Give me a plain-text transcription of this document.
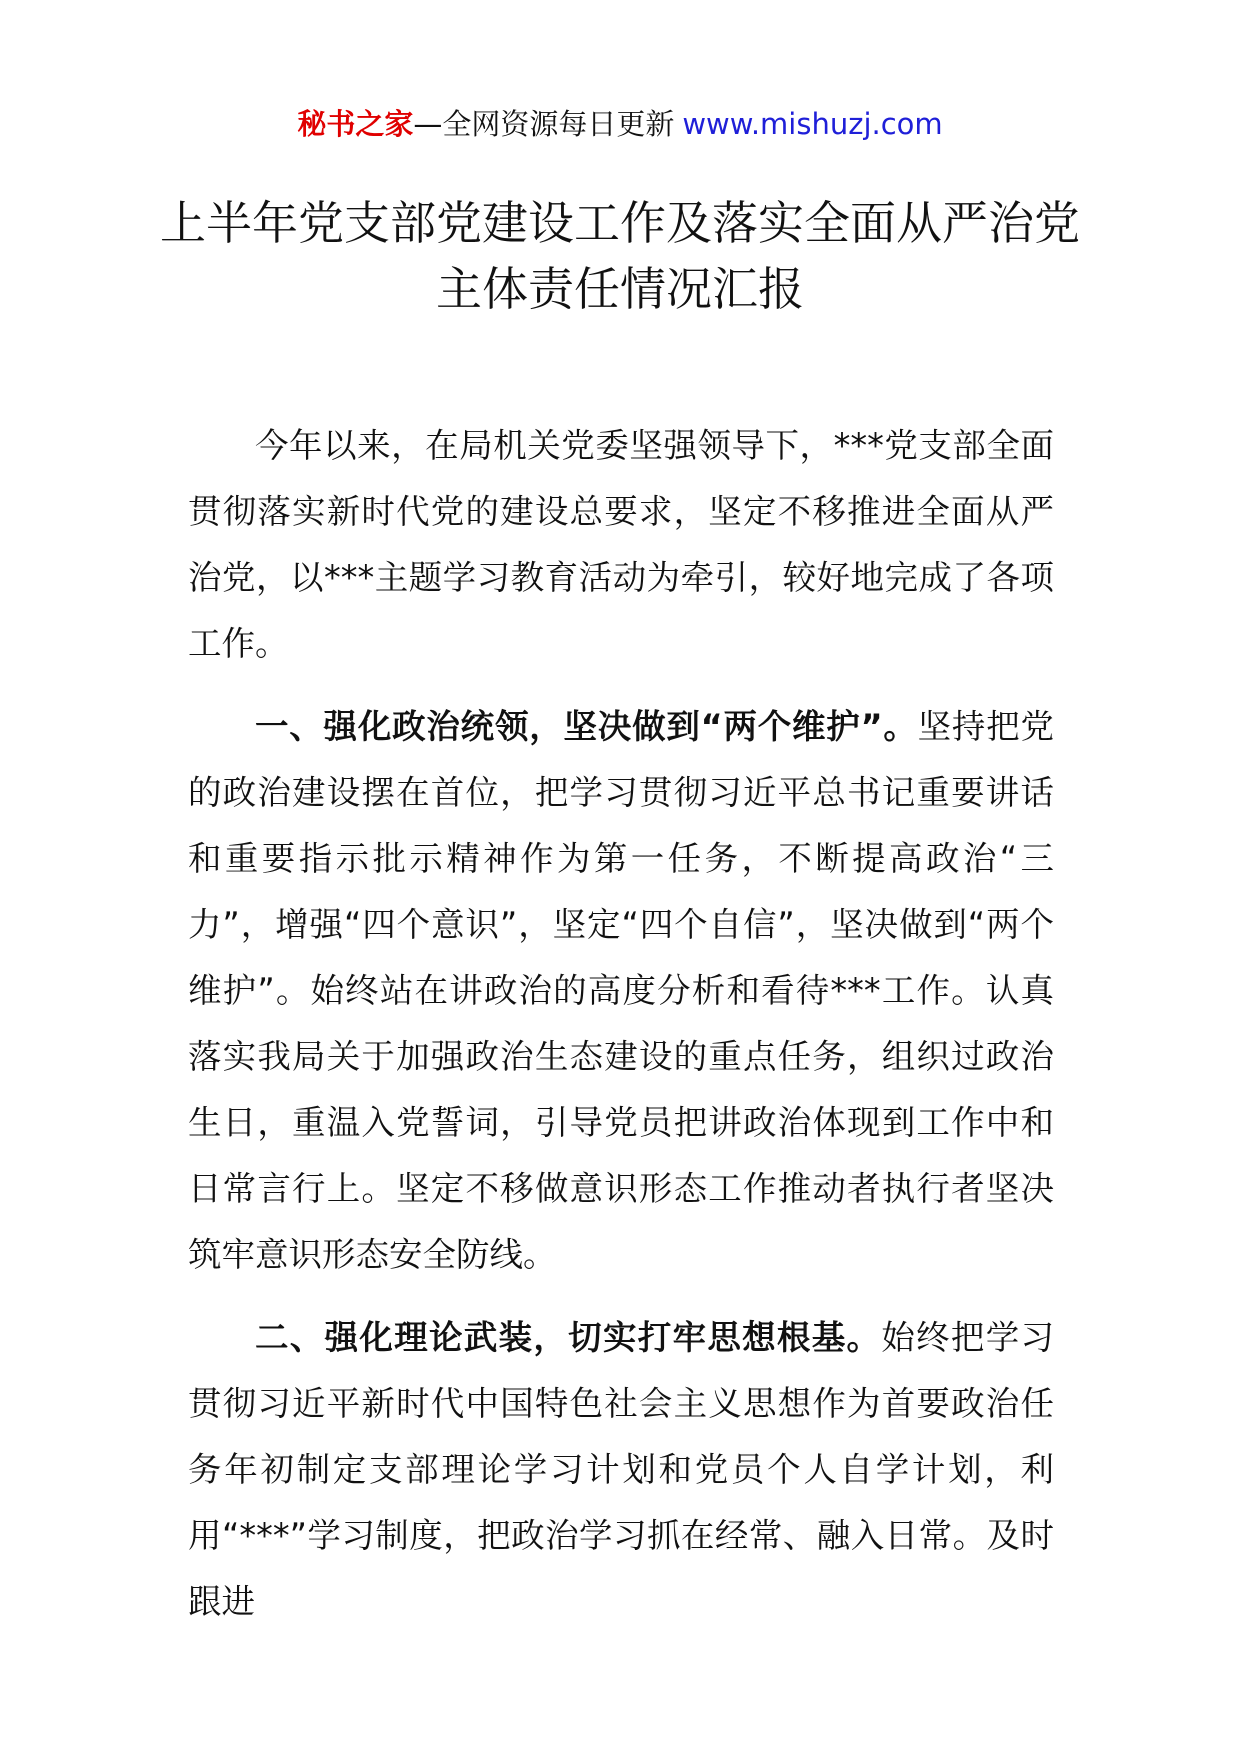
秘书之家—全网资源每日更新 www.mishuzj.com
上半年党支部党建设工作及落实全面从严治党主体责任情况汇报

今年以来，在局机关党委坚强领导下，***党支部全面贯彻落实新时代党的建设总要求，坚定不移推进全面从严治党，以***主题学习教育活动为牵引，较好地完成了各项工作。

一、强化政治统领，坚决做到“两个维护”。坚持把党的政治建设摆在首位，把学习贯彻习近平总书记重要讲话和重要指示批示精神作为第一任务，不断提高政治“三力”，增强“四个意识”，坚定“四个自信”，坚决做到“两个维护”。始终站在讲政治的高度分析和看待***工作。认真落实我局关于加强政治生态建设的重点任务，组织过政治生日，重温入党誓词，引导党员把讲政治体现到工作中和日常言行上。坚定不移做意识形态工作推动者执行者坚决筑牢意识形态安全防线。

二、强化理论武装，切实打牢思想根基。始终把学习贯彻习近平新时代中国特色社会主义思想作为首要政治任务年初制定支部理论学习计划和党员个人自学计划，利用“***”学习制度，把政治学习抓在经常、融入日常。及时跟进
